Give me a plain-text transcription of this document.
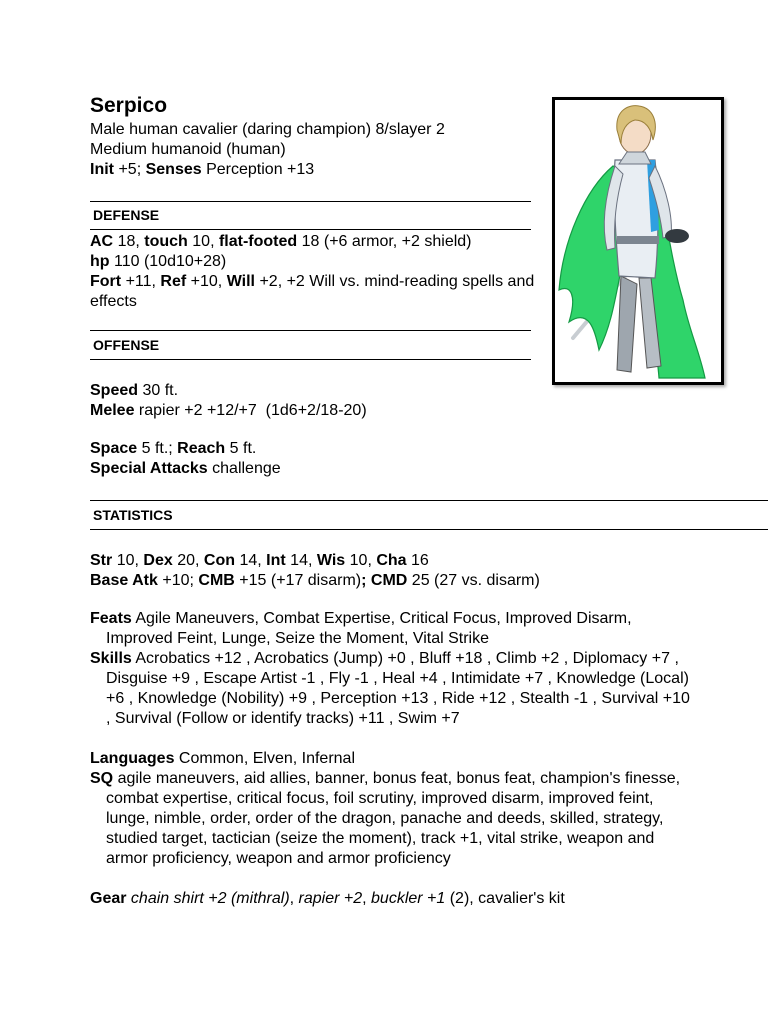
Serpico
Male human cavalier (daring champion) 8/slayer 2
Medium humanoid (human)
Init +5; Senses Perception +13
DEFENSE
AC 18, touch 10, flat-footed 18 (+6 armor, +2 shield)
hp 110 (10d10+28)
Fort +11, Ref +10, Will +2, +2 Will vs. mind-reading spells and effects
OFFENSE
Speed 30 ft.
Melee rapier +2 +12/+7  (1d6+2/18-20)
Space 5 ft.; Reach 5 ft.
Special Attacks challenge
STATISTICS
Str 10, Dex 20, Con 14, Int 14, Wis 10, Cha 16
Base Atk +10; CMB +15 (+17 disarm); CMD 25 (27 vs. disarm)
Feats Agile Maneuvers, Combat Expertise, Critical Focus, Improved Disarm, Improved Feint, Lunge, Seize the Moment, Vital Strike
Skills Acrobatics +12 , Acrobatics (Jump) +0 , Bluff +18 , Climb +2 , Diplomacy +7 , Disguise +9 , Escape Artist -1 , Fly -1 , Heal +4 , Intimidate +7 , Knowledge (Local) +6 , Knowledge (Nobility) +9 , Perception +13 , Ride +12 , Stealth -1 , Survival +10 , Survival (Follow or identify tracks) +11 , Swim +7
Languages Common, Elven, Infernal
SQ agile maneuvers, aid allies, banner, bonus feat, bonus feat, champion's finesse, combat expertise, critical focus, foil scrutiny, improved disarm, improved feint, lunge, nimble, order, order of the dragon, panache and deeds, skilled, strategy, studied target, tactician (seize the moment), track +1, vital strike, weapon and armor proficiency, weapon and armor proficiency
Gear chain shirt +2 (mithral), rapier +2, buckler +1 (2), cavalier's kit
